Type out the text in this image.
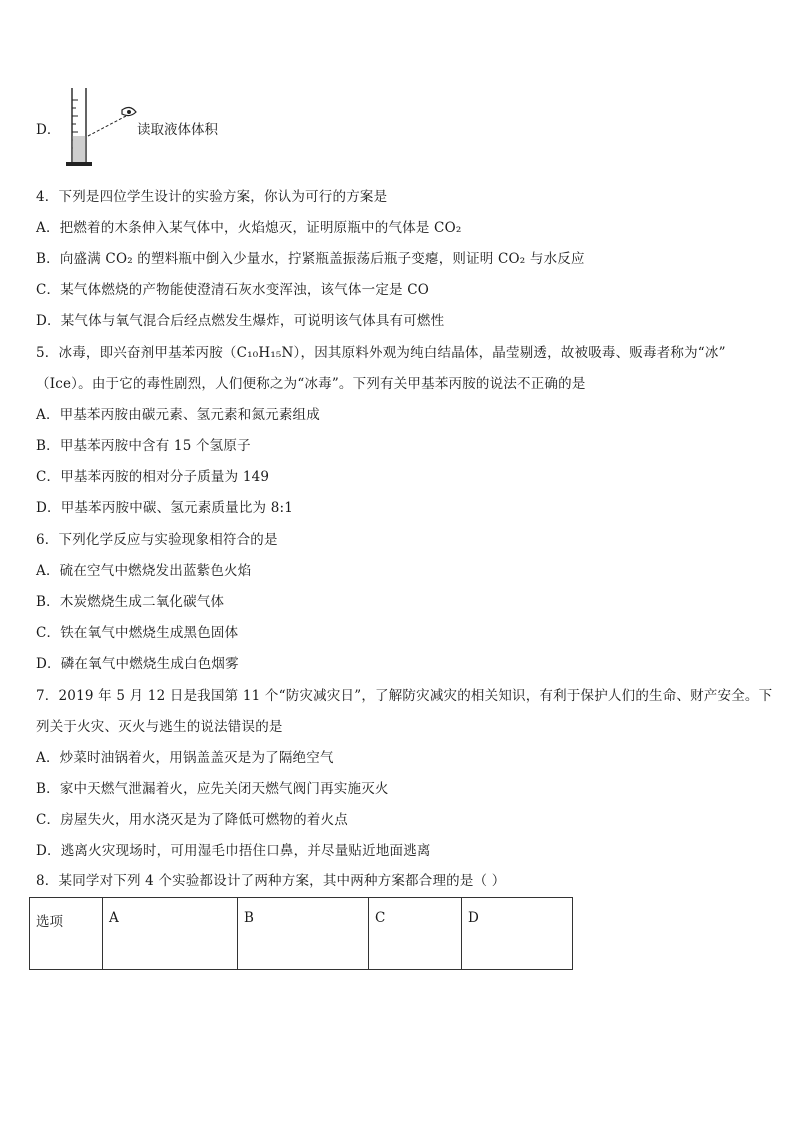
D．	读取液体体积
4．下列是四位学生设计的实验方案，你认为可行的方案是
A．把燃着的木条伸入某气体中，火焰熄灭，证明原瓶中的气体是 CO₂
B．向盛满 CO₂ 的塑料瓶中倒入少量水，拧紧瓶盖振荡后瓶子变瘪，则证明 CO₂ 与水反应
C．某气体燃烧的产物能使澄清石灰水变浑浊，该气体一定是 CO
D．某气体与氧气混合后经点燃发生爆炸，可说明该气体具有可燃性
5．冰毒，即兴奋剂甲基苯丙胺（C₁₀H₁₅N），因其原料外观为纯白结晶体，晶莹剔透，故被吸毒、贩毒者称为“冰”
（Ice）。由于它的毒性剧烈，人们便称之为“冰毒”。下列有关甲基苯丙胺的说法不正确的是
A．甲基苯丙胺由碳元素、氢元素和氮元素组成
B．甲基苯丙胺中含有 15 个氢原子
C．甲基苯丙胺的相对分子质量为 149
D．甲基苯丙胺中碳、氢元素质量比为 8:1
6．下列化学反应与实验现象相符合的是
A．硫在空气中燃烧发出蓝紫色火焰
B．木炭燃烧生成二氧化碳气体
C．铁在氧气中燃烧生成黑色固体
D．磷在氧气中燃烧生成白色烟雾
7．2019 年 5 月 12 日是我国第 11 个“防灾减灾日”，了解防灾减灾的相关知识，有利于保护人们的生命、财产安全。下
列关于火灾、灭火与逃生的说法错误的是
A．炒菜时油锅着火，用锅盖盖灭是为了隔绝空气
B．家中天燃气泄漏着火，应先关闭天燃气阀门再实施灭火
C．房屋失火，用水浇灭是为了降低可燃物的着火点
D．逃离火灾现场时，可用湿毛巾捂住口鼻，并尽量贴近地面逃离
8．某同学对下列 4 个实验都设计了两种方案，其中两种方案都合理的是（ ）
选项	A	B	C	D
